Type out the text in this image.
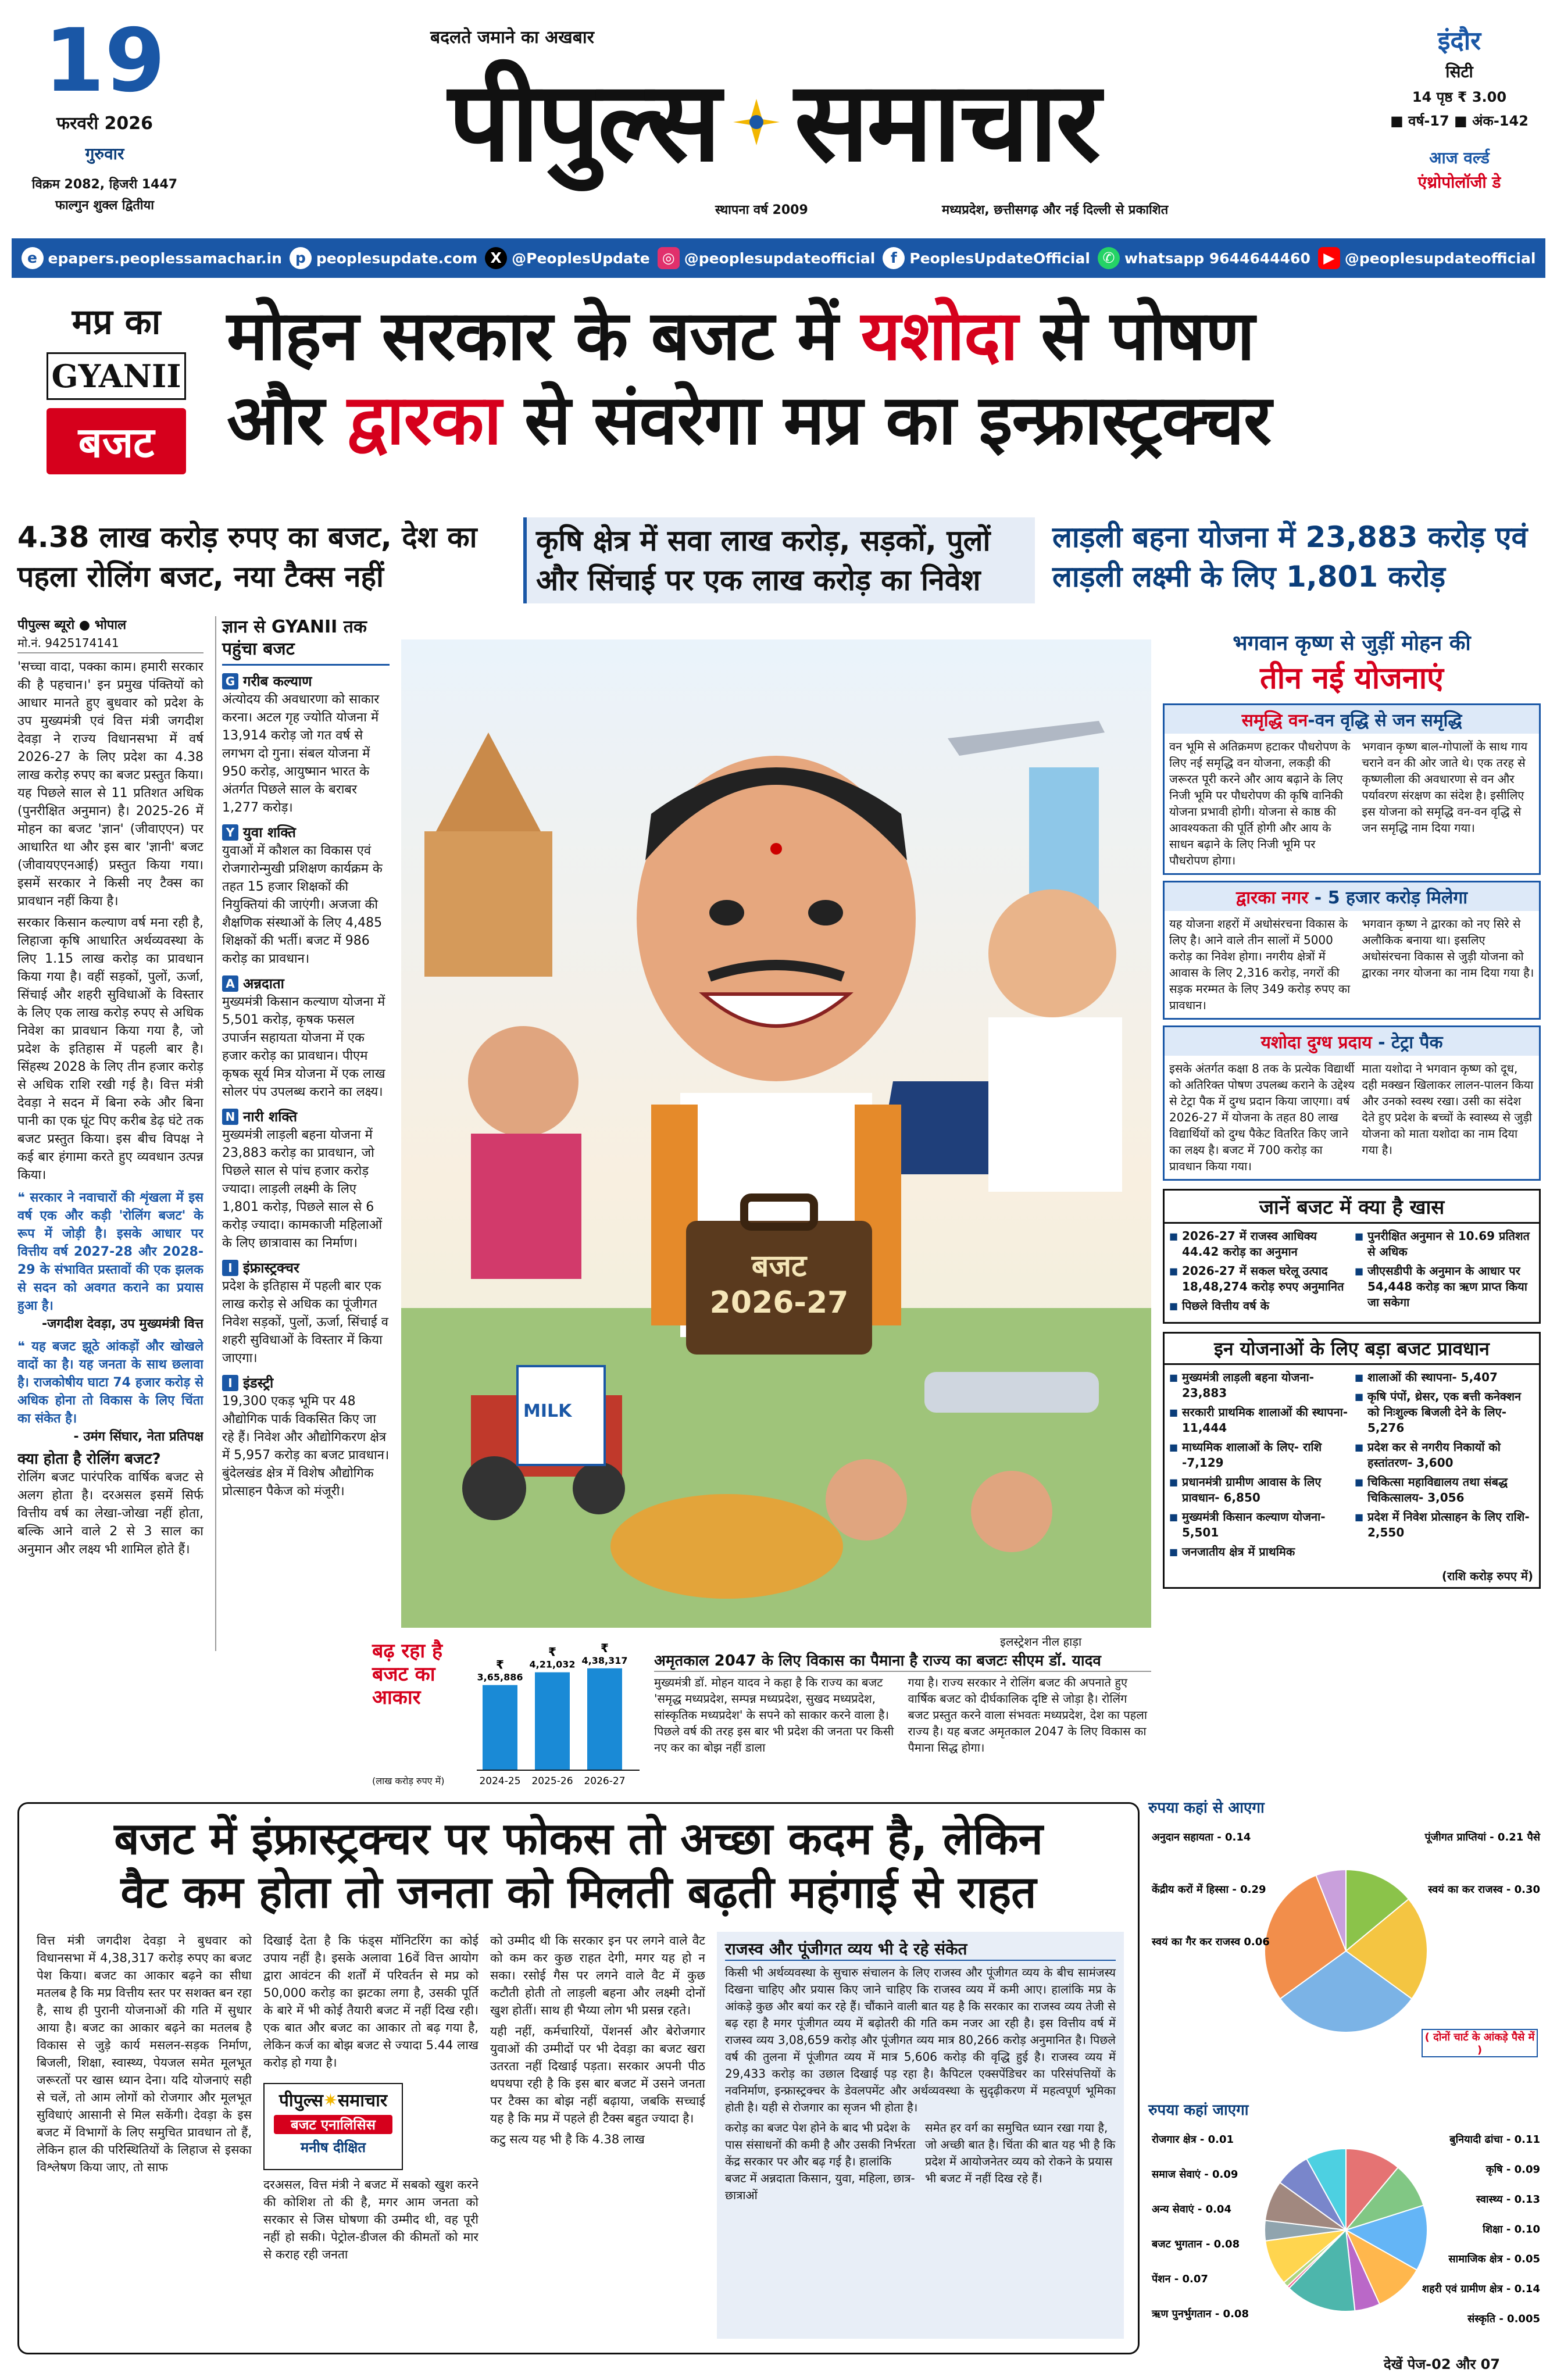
19
फरवरी 2026
गुरुवार
विक्रम 2082, हिजरी 1447
फाल्गुन शुक्ल द्वितीया
बदलते जमाने का अखबार
पीपुल्स समाचार
स्थापना वर्ष 2009	मध्यप्रदेश, छत्तीसगढ़ और नई दिल्ली से प्रकाशित
इंदौर
सिटी
14 पृष्ठ ₹ 3.00
■ वर्ष-17 ■ अंक-142
आज वर्ल्ड
एंथ्रोपोलॉजी डे
e epapers.peoplessamachar.in p peoplesupdate.com X @PeoplesUpdate ◎ @peoplesupdateofficial	f PeoplesUpdateOfficial ✆ whatsapp 9644644460 ▶ @peoplesupdateofficial
मप्र का
GYANII
बजट
मोहन सरकार के बजट में यशोदा से पोषण
और द्वारका से संवरेगा मप्र का इन्फ्रास्ट्रक्चर
4.38 लाख करोड़ रुपए का बजट, देश का पहला रोलिंग बजट, नया टैक्स नहीं
कृषि क्षेत्र में सवा लाख करोड़, सड़कों, पुलों और सिंचाई पर एक लाख करोड़ का निवेश
लाड़ली बहना योजना में 23,883 करोड़ एवं लाड़ली लक्ष्मी के लिए 1,801 करोड़
पीपुल्स ब्यूरो ● भोपाल
मो.नं. 9425174141

'सच्चा वादा, पक्का काम। हमारी सरकार की है पहचान।' इन प्रमुख पंक्तियों को आधार मानते हुए बुधवार को प्रदेश के उप मुख्यमंत्री एवं वित्त मंत्री जगदीश देवड़ा ने राज्य विधानसभा में वर्ष 2026-27 के लिए प्रदेश का 4.38 लाख करोड़ रुपए का बजट प्रस्तुत किया। यह पिछले साल से 11 प्रतिशत अधिक (पुनरीक्षित अनुमान) है। 2025-26 में मोहन का बजट 'ज्ञान' (जीवाएएन) पर आधारित था और इस बार 'ज्ञानी' बजट (जीवायएएनआई) प्रस्तुत किया गया। इसमें सरकार ने किसी नए टैक्स का प्रावधान नहीं किया है।

सरकार किसान कल्याण वर्ष मना रही है, लिहाजा कृषि आधारित अर्थव्यवस्था के लिए 1.15 लाख करोड़ का प्रावधान किया गया है। वहीं सड़कों, पुलों, ऊर्जा, सिंचाई और शहरी सुविधाओं के विस्तार के लिए एक लाख करोड़ रुपए से अधिक निवेश का प्रावधान किया गया है, जो प्रदेश के इतिहास में पहली बार है। सिंहस्थ 2028 के लिए तीन हजार करोड़ से अधिक राशि रखी गई है। वित्त मंत्री देवड़ा ने सदन में बिना रुके और बिना पानी का एक घूंट पिए करीब डेढ़ घंटे तक बजट प्रस्तुत किया। इस बीच विपक्ष ने कई बार हंगामा करते हुए व्यवधान उत्पन्न किया।

❝ सरकार ने नवाचारों की शृंखला में इस वर्ष एक और कड़ी 'रोलिंग बजट' के रूप में जोड़ी है। इसके आधार पर वित्तीय वर्ष 2027-28 और 2028-29 के संभावित प्रस्तावों की एक झलक से सदन को अवगत कराने का प्रयास हुआ है।
-जगदीश देवड़ा, उप मुख्यमंत्री वित्त
❝ यह बजट झूठे आंकड़ों और खोखले वादों का है। यह जनता के साथ छलावा है। राजकोषीय घाटा 74 हजार करोड़ से अधिक होना तो विकास के लिए चिंता का संकेत है।
- उमंग सिंघार, नेता प्रतिपक्ष
क्या होता है रोलिंग बजट?

रोलिंग बजट पारंपरिक वार्षिक बजट से अलग होता है। दरअसल इसमें सिर्फ वित्तीय वर्ष का लेखा-जोखा नहीं होता, बल्कि आने वाले 2 से 3 साल का अनुमान और लक्ष्य भी शामिल होते हैं।

ज्ञान से GYANII तक पहुंचा बजट
G गरीब कल्याण
अंत्योदय की अवधारणा को साकार करना। अटल गृह ज्योति योजना में 13,914 करोड़ जो गत वर्ष से लगभग दो गुना। संबल योजना में 950 करोड़, आयुष्मान भारत के अंतर्गत पिछले साल के बराबर 1,277 करोड़।
Y युवा शक्ति
युवाओं में कौशल का विकास एवं रोजगारोन्मुखी प्रशिक्षण कार्यक्रम के तहत 15 हजार शिक्षकों की नियुक्तियां की जाएंगी। अजजा की शैक्षणिक संस्थाओं के लिए 4,485 शिक्षकों की भर्ती। बजट में 986 करोड़ का प्रावधान।
A अन्नदाता
मुख्यमंत्री किसान कल्याण योजना में 5,501 करोड़, कृषक फसल उपार्जन सहायता योजना में एक हजार करोड़ का प्रावधान। पीएम कृषक सूर्य मित्र योजना में एक लाख सोलर पंप उपलब्ध कराने का लक्ष्य।
N नारी शक्ति
मुख्यमंत्री लाड़ली बहना योजना में 23,883 करोड़ का प्रावधान, जो पिछले साल से पांच हजार करोड़ ज्यादा। लाड़ली लक्ष्मी के लिए 1,801 करोड़, पिछले साल से 6 करोड़ ज्यादा। कामकाजी महिलाओं के लिए छात्रावास का निर्माण।
I इंफ्रास्ट्रक्चर
प्रदेश के इतिहास में पहली बार एक लाख करोड़ से अधिक का पूंजीगत निवेश सड़कों, पुलों, ऊर्जा, सिंचाई व शहरी सुविधाओं के विस्तार में किया जाएगा।
I इंडस्ट्री
19,300 एकड़ भूमि पर 48 औद्योगिक पार्क विकसित किए जा रहे हैं। निवेश और औद्योगिकरण क्षेत्र में 5,957 करोड़ का बजट प्रावधान। बुंदेलखंड क्षेत्र में विशेष औद्योगिक प्रोत्साहन पैकेज को मंजूरी।
बजट
2026-27
MILK
इलस्ट्रेशन नील हाड़ा
भगवान कृष्ण से जुड़ीं मोहन की
तीन नई योजनाएं
समृद्धि वन-वन वृद्धि से जन समृद्धि
वन भूमि से अतिक्रमण हटाकर पौधरोपण के लिए नई समृद्धि वन योजना, लकड़ी की जरूरत पूरी करने और आय बढ़ाने के लिए निजी भूमि पर पौधरोपण की कृषि वानिकी योजना प्रभावी होगी। योजना से काष्ठ की आवश्यकता की पूर्ति होगी और आय के साधन बढ़ाने के लिए निजी भूमि पर पौधरोपण होगा।
भगवान कृष्ण बाल-गोपालों के साथ गाय चराने वन की ओर जाते थे। एक तरह से कृष्णलीला की अवधारणा से वन और पर्यावरण संरक्षण का संदेश है। इसीलिए इस योजना को समृद्धि वन-वन वृद्धि से जन समृद्धि नाम दिया गया।
द्वारका नगर - 5 हजार करोड़ मिलेगा
यह योजना शहरों में अधोसंरचना विकास के लिए है। आने वाले तीन सालों में 5000 करोड़ का निवेश होगा। नगरीय क्षेत्रों में आवास के लिए 2,316 करोड़, नगरों की सड़क मरम्मत के लिए 349 करोड़ रुपए का प्रावधान।
भगवान कृष्ण ने द्वारका को नए सिरे से अलौकिक बनाया था। इसलिए अधोसंरचना विकास से जुड़ी योजना को द्वारका नगर योजना का नाम दिया गया है।
यशोदा दुग्ध प्रदाय - टेट्रा पैक
इसके अंतर्गत कक्षा 8 तक के प्रत्येक विद्यार्थी को अतिरिक्त पोषण उपलब्ध कराने के उद्देश्य से टेट्रा पैक में दुग्ध प्रदान किया जाएगा। वर्ष 2026-27 में योजना के तहत 80 लाख विद्यार्थियों को दुग्ध पैकेट वितरित किए जाने का लक्ष्य है। बजट में 700 करोड़ का प्रावधान किया गया।
माता यशोदा ने भगवान कृष्ण को दूध, दही मक्खन खिलाकर लालन-पालन किया और उनको स्वस्थ रखा। उसी का संदेश देते हुए प्रदेश के बच्चों के स्वास्थ्य से जुड़ी योजना को माता यशोदा का नाम दिया गया है।
जानें बजट में क्या है खास
■ 2026-27 में राजस्व आधिक्य 44.42 करोड़ का अनुमान
■ 2026-27 में सकल घरेलू उत्पाद 18,48,274 करोड़ रुपए अनुमानित
■ पिछले वित्तीय वर्ष के
■ पुनरीक्षित अनुमान से 10.69 प्रतिशत से अधिक
■ जीएसडीपी के अनुमान के आधार पर 54,448 करोड़ का ऋण प्राप्त किया जा सकेगा
इन योजनाओं के लिए बड़ा बजट प्रावधान
■ मुख्यमंत्री लाड़ली बहना योजना- 23,883
■ सरकारी प्राथमिक शालाओं की स्थापना- 11,444
■ माध्यमिक शालाओं के लिए- राशि -7,129
■ प्रधानमंत्री ग्रामीण आवास के लिए प्रावधान- 6,850
■ मुख्यमंत्री किसान कल्याण योजना- 5,501
■ जनजातीय क्षेत्र में प्राथमिक
■ शालाओं की स्थापना- 5,407
■ कृषि पंपों, थ्रेसर, एक बत्ती कनेक्शन को निःशुल्क बिजली देने के लिए- 5,276
■ प्रदेश कर से नगरीय निकायों को हस्तांतरण- 3,600
■ चिकित्सा महाविद्यालय तथा संबद्ध चिकित्सालय- 3,056
■ प्रदेश में निवेश प्रोत्साहन के लिए राशि- 2,550
(राशि करोड़ रुपए में)
बढ़ रहा है बजट का आकार
(लाख करोड़ रुपए में)
3,65,886
₹
2024-25
4,21,032
₹
2025-26
4,38,317
₹
2026-27
अमृतकाल 2047 के लिए विकास का पैमाना है राज्य का बजटः सीएम डॉ. यादव
मुख्यमंत्री डॉ. मोहन यादव ने कहा है कि राज्य का बजट 'समृद्ध मध्यप्रदेश, सम्पन्न मध्यप्रदेश, सुखद मध्यप्रदेश, सांस्कृतिक मध्यप्रदेश' के सपने को साकार करने वाला है। पिछले वर्ष की तरह इस बार भी प्रदेश की जनता पर किसी नए कर का बोझ नहीं डाला
गया है। राज्य सरकार ने रोलिंग बजट की अपनाते हुए वार्षिक बजट को दीर्घकालिक दृष्टि से जोड़ा है। रोलिंग बजट प्रस्तुत करने वाला संभवतः मध्यप्रदेश, देश का पहला राज्य है। यह बजट अमृतकाल 2047 के लिए विकास का पैमाना सिद्ध होगा।
बजट में इंफ्रास्ट्रक्चर पर फोकस तो अच्छा कदम है, लेकिन
वैट कम होता तो जनता को मिलती बढ़ती महंगाई से राहत
वित्त मंत्री जगदीश देवड़ा ने बुधवार को विधानसभा में 4,38,317 करोड़ रुपए का बजट पेश किया। बजट का आकार बढ़ने का सीधा मतलब है कि मप्र वित्तीय स्तर पर सशक्त बन रहा है, साथ ही पुरानी योजनाओं की गति में सुधार आया है। बजट का आकार बढ़ने का मतलब है विकास से जुड़े कार्य मसलन-सड़क निर्माण, बिजली, शिक्षा, स्वास्थ्य, पेयजल समेत मूलभूत जरूरतों पर खास ध्यान देना। यदि योजनाएं सही से चलें, तो आम लोगों को रोजगार और मूलभूत सुविधाएं आसानी से मिल सकेंगी। देवड़ा के इस बजट में विभागों के लिए समुचित प्रावधान तो हैं, लेकिन हाल की परिस्थितियों के लिहाज से इसका विश्लेषण किया जाए, तो साफ
दिखाई देता है कि फंड्स मॉनिटरिंग का कोई उपाय नहीं है। इसके अलावा 16वें वित्त आयोग द्वारा आवंटन की शर्तों में परिवर्तन से मप्र को 50,000 करोड़ का झटका लगा है, उसकी पूर्ति के बारे में भी कोई तैयारी बजट में नहीं दिख रही। एक बात और बजट का आकार तो बढ़ गया है, लेकिन कर्ज का बोझ बजट से ज्यादा 5.44 लाख करोड़ हो गया है।
पीपुल्स✷समाचार
बजट एनालिसिस
मनीष दीक्षित
दरअसल, वित्त मंत्री ने बजट में सबको खुश करने की कोशिश तो की है, मगर आम जनता को सरकार से जिस घोषणा की उम्मीद थी, वह पूरी नहीं हो सकी। पेट्रोल-डीजल की कीमतों को मार से कराह रही जनता

को उम्मीद थी कि सरकार इन पर लगने वाले वैट को कम कर कुछ राहत देगी, मगर यह हो न सका। रसोई गैस पर लगने वाले वैट में कुछ कटौती होती तो लाड़ली बहना और लक्ष्मी दोनों खुश होतीं। साथ ही भैय्या लोग भी प्रसन्न रहते।

यही नहीं, कर्मचारियों, पेंशनर्स और बेरोजगार युवाओं की उम्मीदों पर भी देवड़ा का बजट खरा उतरता नहीं दिखाई पड़ता। सरकार अपनी पीठ थपथपा रही है कि इस बार बजट में उसने जनता पर टैक्स का बोझ नहीं बढ़ाया, जबकि सच्चाई यह है कि मप्र में पहले ही टैक्स बहुत ज्यादा है।

कटु सत्य यह भी है कि 4.38 लाख

राजस्व और पूंजीगत व्यय भी दे रहे संकेत
किसी भी अर्थव्यवस्था के सुचारु संचालन के लिए राजस्व और पूंजीगत व्यय के बीच सामंजस्य दिखना चाहिए और प्रयास किए जाने चाहिए कि राजस्व व्यय में कमी आए। हालांकि मप्र के आंकड़े कुछ और बयां कर रहे हैं। चौंकाने वाली बात यह है कि सरकार का राजस्व व्यय तेजी से बढ़ रहा है मगर पूंजीगत व्यय में बढ़ोतरी की गति कम नजर आ रही है। इस वित्तीय वर्ष में राजस्व व्यय 3,08,659 करोड़ और पूंजीगत व्यय मात्र 80,266 करोड़ अनुमानित है। पिछले वर्ष की तुलना में पूंजीगत व्यय में मात्र 5,606 करोड़ की वृद्धि हुई है। राजस्व व्यय में 29,433 करोड़ का उछाल दिखाई पड़ रहा है। कैपिटल एक्सपेंडिचर का परिसंपत्तियों के नवनिर्माण, इन्फ्रास्ट्रक्चर के डेवलपमेंट और अर्थव्यवस्था के सुदृढ़ीकरण में महत्वपूर्ण भूमिका होती है। यही से रोजगार का सृजन भी होता है।
करोड़ का बजट पेश होने के बाद भी प्रदेश के पास संसाधनों की कमी है और उसकी निर्भरता केंद्र सरकार पर और बढ़ गई है। हालांकि बजट में अन्नदाता किसान, युवा, महिला, छात्र-छात्राओं
समेत हर वर्ग का समुचित ध्यान रखा गया है, जो अच्छी बात है। चिंता की बात यह भी है कि प्रदेश में आयोजनेतर व्यय को रोकने के प्रयास भी बजट में नहीं दिख रहे हैं।
रुपया कहां से आएगा
अनुदान सहायता - 0.14	पूंजीगत प्राप्तियां - 0.21 पैसे
स्वयं का कर राजस्व - 0.30
केंद्रीय करों में हिस्सा - 0.29
स्वयं का गैर कर राजस्व 0.06
( दोनों चार्ट के आंकड़े पैसे में )
रुपया कहां जाएगा
बुनियादी ढांचा - 0.11
कृषि - 0.09
स्वास्थ्य - 0.13
शिक्षा - 0.10
सामाजिक क्षेत्र - 0.05
शहरी एवं ग्रामीण क्षेत्र - 0.14
संस्कृति - 0.005
रोजगार क्षेत्र - 0.01
समाज सेवाएं - 0.09
अन्य सेवाएं - 0.04
बजट भुगतान - 0.08
पेंशन - 0.07
ऋण पुनर्भुगतान - 0.08
देखें पेज-02 और 07
